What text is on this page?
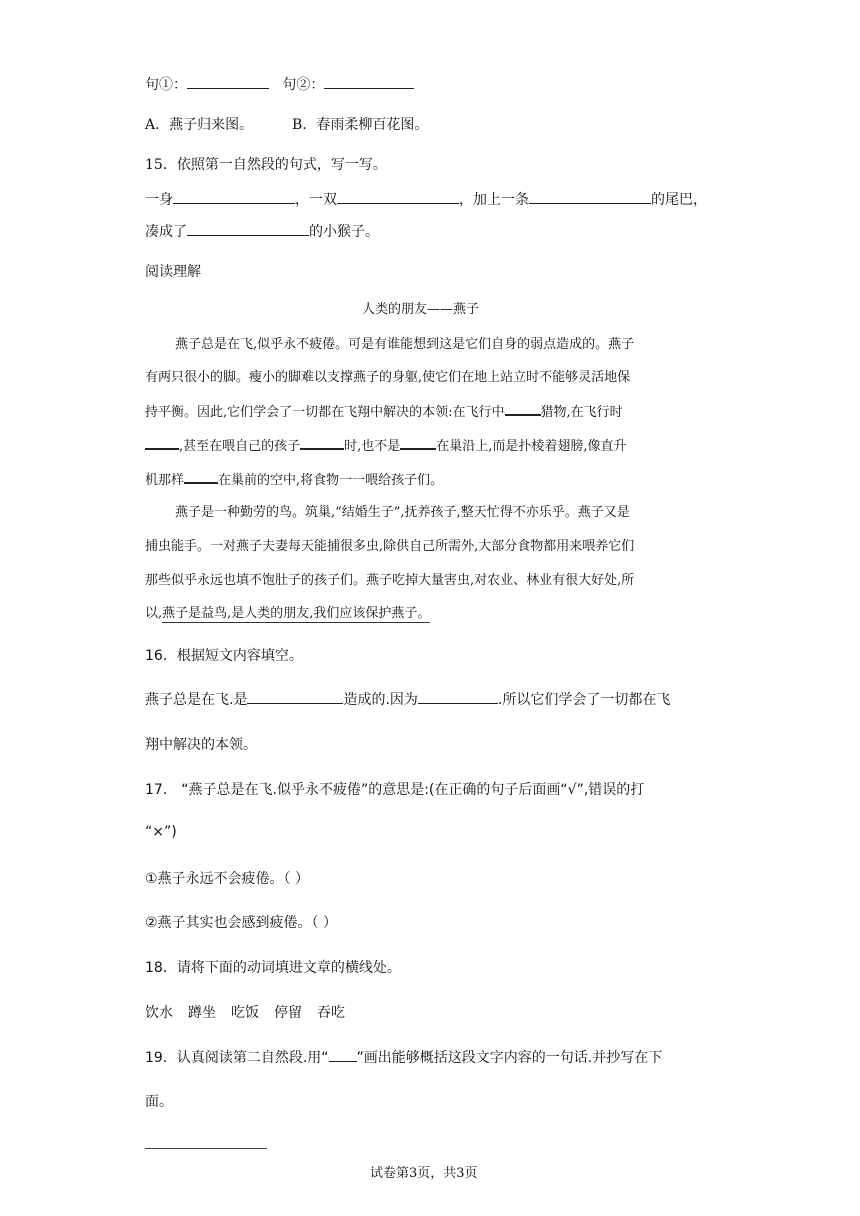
句①：	句②：
A．燕子归来图。	B．春雨柔柳百花图。
15．依照第一自然段的句式，写一写。
一身	，一双	，加上一条	的尾巴，
凑成了	的小猴子。
阅读理解
人类的朋友——燕子
燕子总是在飞,似乎永不疲倦。可是有谁能想到这是它们自身的弱点造成的。燕子
有两只很小的脚。瘦小的脚难以支撑燕子的身躯,使它们在地上站立时不能够灵活地保
持平衡。因此,它们学会了一切都在飞翔中解决的本领:在飞行中	猎物,在飞行时
,甚至在喂自己的孩子	时,也不是	在巢沿上,而是扑棱着翅膀,像直升
机那样	在巢前的空中,将食物一一喂给孩子们。
燕子是一种勤劳的鸟。筑巢,“结婚生子”,抚养孩子,整天忙得不亦乐乎。燕子又是
捕虫能手。一对燕子夫妻每天能捕很多虫,除供自己所需外,大部分食物都用来喂养它们
那些似乎永远也填不饱肚子的孩子们。燕子吃掉大量害虫,对农业、林业有很大好处,所
以,燕子是益鸟,是人类的朋友,我们应该保护燕子。
16．根据短文内容填空。
燕子总是在飞.是	造成的.因为	.所以它们学会了一切都在飞
翔中解决的本领。
17． “燕子总是在飞.似乎永不疲倦”的意思是:(在正确的句子后面画“√”,错误的打
“×”)
①燕子永远不会疲倦。（ ）
②燕子其实也会感到疲倦。（ ）
18．请将下面的动词填进文章的横线处。
饮水 蹲坐 吃饭 停留 吞吃
19．认真阅读第二自然段.用“ ”画出能够概括这段文字内容的一句话.并抄写在下
面。
试卷第3页，共3页
